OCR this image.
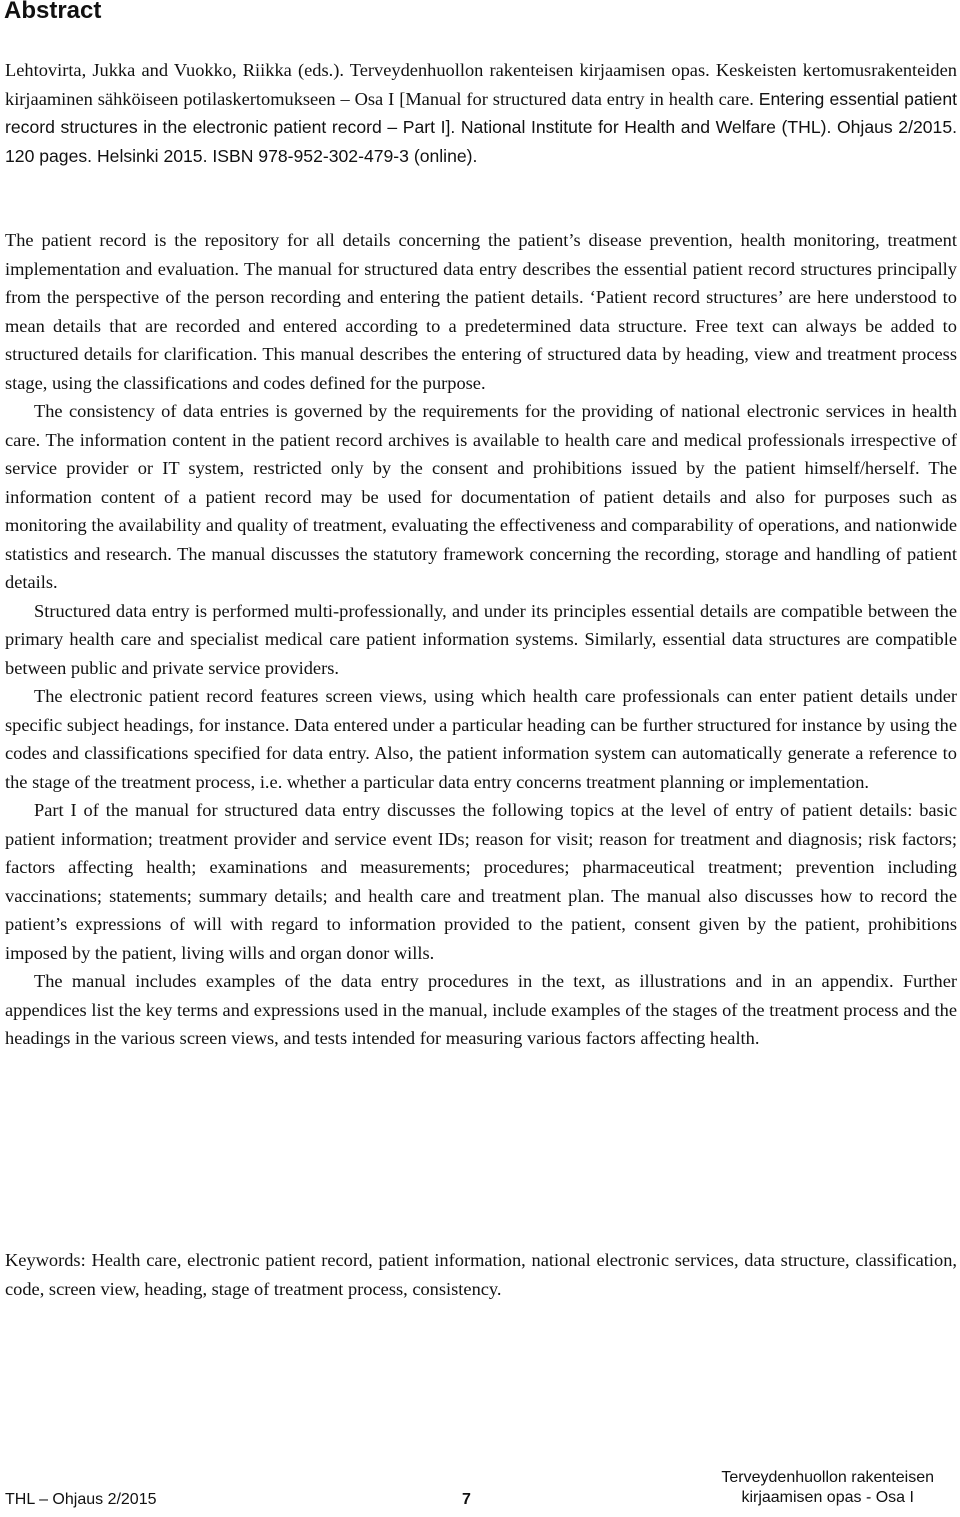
Abstract
Lehtovirta, Jukka and Vuokko, Riikka (eds.). Terveydenhuollon rakenteisen kirjaamisen opas. Keskeisten kertomusrakenteiden kirjaaminen sähköiseen potilaskertomukseen – Osa I [Manual for structured data entry in health care. Entering essential patient record structures in the electronic patient record – Part I]. National Institute for Health and Welfare (THL). Ohjaus 2/2015. 120 pages. Helsinki 2015. ISBN 978-952-302-479-3 (online).

The patient record is the repository for all details concerning the patient’s disease prevention, health monitoring, treatment implementation and evaluation. The manual for structured data entry describes the essential patient record structures principally from the perspective of the person recording and entering the patient details. ‘Patient record structures’ are here understood to mean details that are recorded and entered according to a predetermined data structure. Free text can always be added to structured details for clarification. This manual describes the entering of structured data by heading, view and treatment process stage, using the classifications and codes defined for the purpose.

The consistency of data entries is governed by the requirements for the providing of national electronic services in health care. The information content in the patient record archives is available to health care and medical professionals irrespective of service provider or IT system, restricted only by the consent and prohibitions issued by the patient himself/herself. The information content of a patient record may be used for documentation of patient details and also for purposes such as monitoring the availability and quality of treatment, evaluating the effectiveness and comparability of operations, and nationwide statistics and research. The manual discusses the statutory framework concerning the recording, storage and handling of patient details.

Structured data entry is performed multi-professionally, and under its principles essential details are compatible between the primary health care and specialist medical care patient information systems. Similarly, essential data structures are compatible between public and private service providers.

The electronic patient record features screen views, using which health care professionals can enter patient details under specific subject headings, for instance. Data entered under a particular heading can be further structured for instance by using the codes and classifications specified for data entry. Also, the patient information system can automatically generate a reference to the stage of the treatment process, i.e. whether a particular data entry concerns treatment planning or implementation.

Part I of the manual for structured data entry discusses the following topics at the level of entry of patient details: basic patient information; treatment provider and service event IDs; reason for visit; reason for treatment and diagnosis; risk factors; factors affecting health; examinations and measurements; procedures; pharmaceutical treatment; prevention including vaccinations; statements; summary details; and health care and treatment plan. The manual also discusses how to record the patient’s expressions of will with regard to information provided to the patient, consent given by the patient, prohibitions imposed by the patient, living wills and organ donor wills.

The manual includes examples of the data entry procedures in the text, as illustrations and in an appendix. Further appendices list the key terms and expressions used in the manual, include examples of the stages of the treatment process and the headings in the various screen views, and tests intended for measuring various factors affecting health.

Keywords: Health care, electronic patient record, patient information, national electronic services, data structure, classification, code, screen view, heading, stage of treatment process, consistency.
THL – Ohjaus 2/2015	7
Terveydenhuollon rakenteisen
kirjaamisen opas - Osa I
